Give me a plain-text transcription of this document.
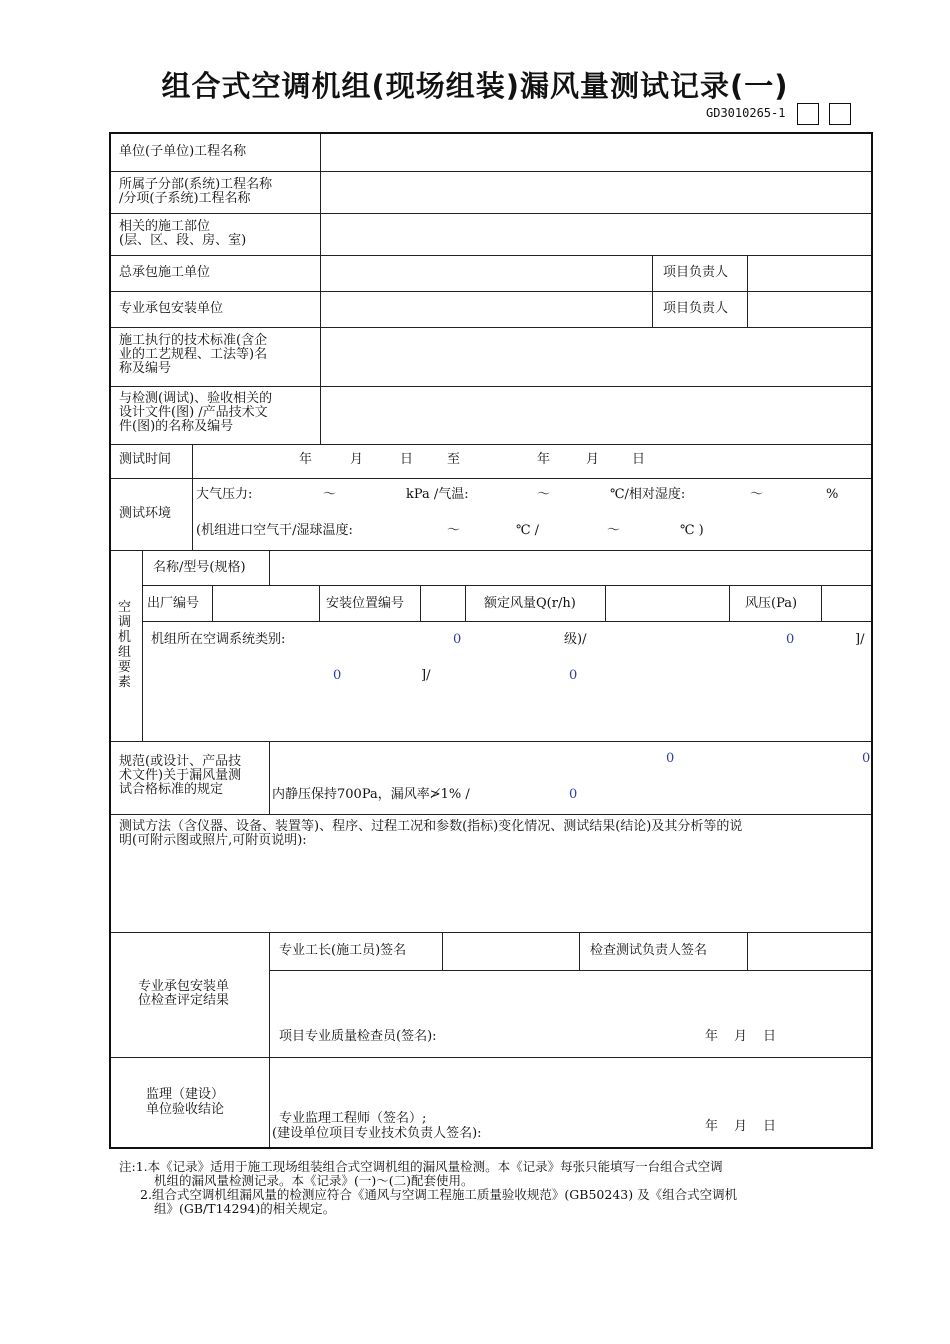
组合式空调机组(现场组装)漏风量测试记录(一)
GD3010265-1
单位(子单位)工程名称
所属子分部(系统)工程名称
/分项(子系统)工程名称
相关的施工部位
(层、区、段、房、室)
总承包施工单位	项目负责人
专业承包安装单位	项目负责人
施工执行的技术标准(含企
业的工艺规程、工法等)名
称及编号
与检测(调试)、验收相关的
设计文件(图) /产品技术文
件(图)的名称及编号
测试时间	年	月	日	至	年	月	日
测试环境
大气压力:	～	kPa /气温:	～	℃/相对湿度:	～	%
(机组进口空气干/湿球温度:	～	℃ /	～	℃ )
空
调
机
组
要
素
名称/型号(规格)
出厂编号	安装位置编号	额定风量Q(r/h)	风压(Pa)
机组所在空调系统类别:	0	级)/	0	]/
0	]/	0
规范(或设计、产品技
术文件)关于漏风量测
试合格标准的规定
0	0
内静压保持700Pa，漏风率≯1% /	0
测试方法（含仪器、设备、装置等)、程序、过程工况和参数(指标)变化情况、测试结果(结论)及其分析等的说
明(可附示图或照片,可附页说明):
专业工长(施工员)签名	检查测试负责人签名
专业承包安装单
位检查评定结果
项目专业质量检查员(签名):	年 月 日
监理（建设）
单位验收结论
专业监理工程师（签名）;
(建设单位项目专业技术负责人签名):	年 月 日
注:1.本《记录》适用于施工现场组装组合式空调机组的漏风量检测。本《记录》每张只能填写一台组合式空调
机组的漏风量检测记录。本《记录》(一)～(二)配套使用。
2.组合式空调机组漏风量的检测应符合《通风与空调工程施工质量验收规范》(GB50243) 及《组合式空调机
组》(GB/T14294)的相关规定。
